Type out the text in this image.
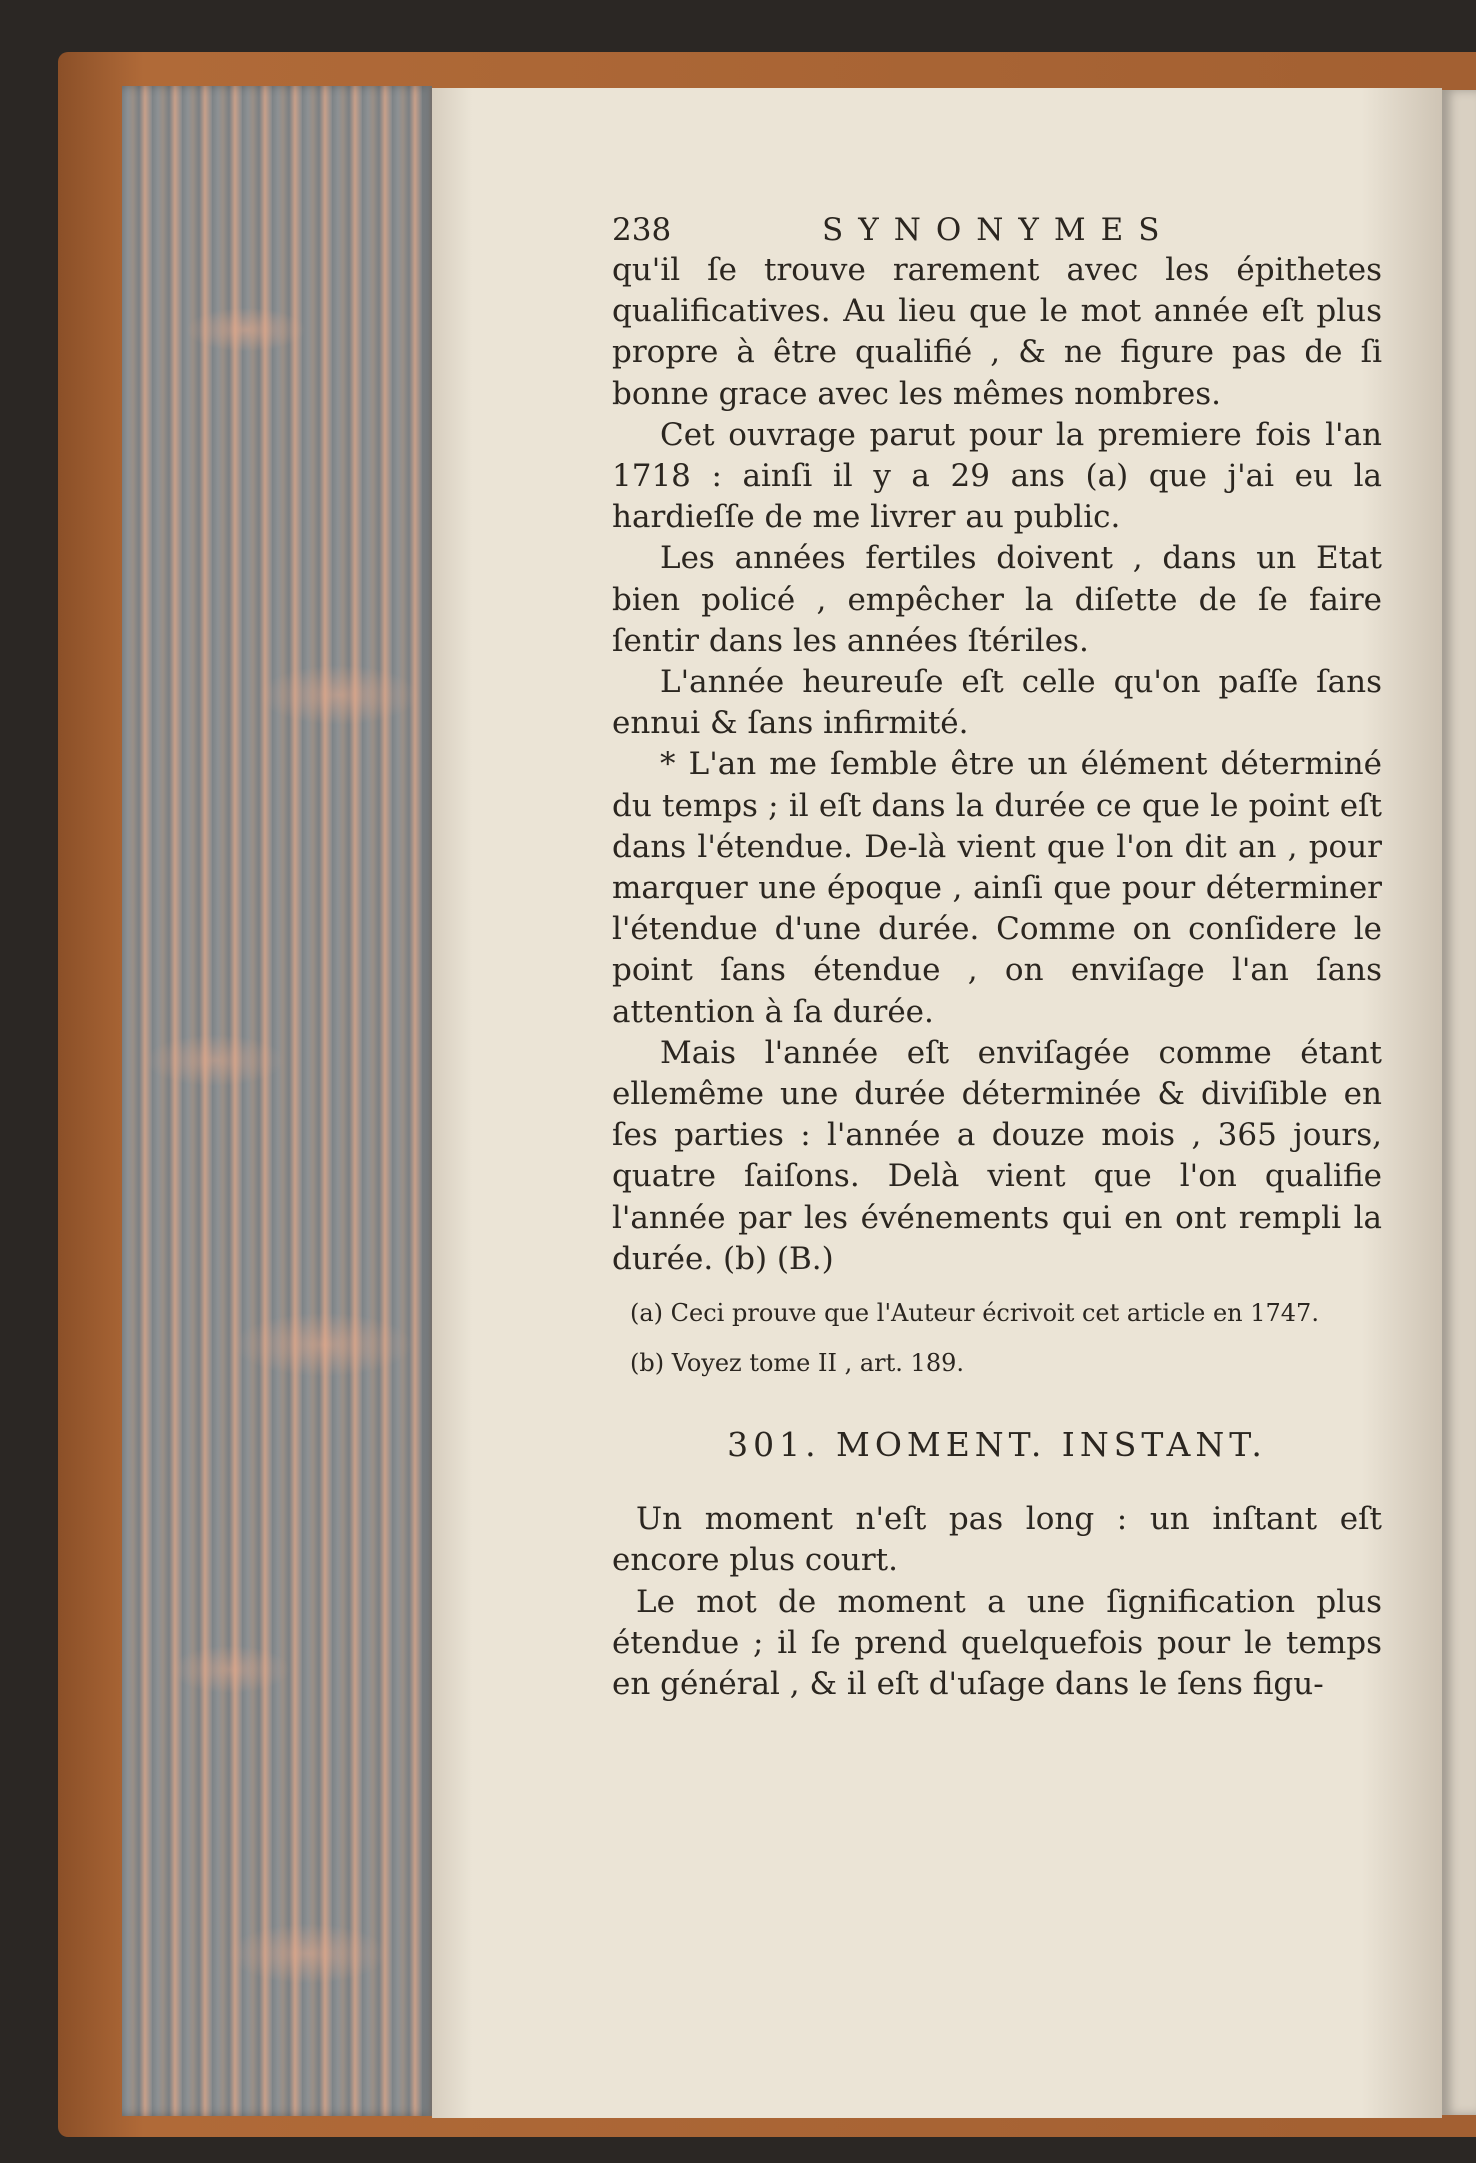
238	SYNONYMES

qu'il ſe trouve rarement avec les épithetes qualificatives. Au lieu que le mot année eſt plus propre à être qualifié , & ne figure pas de ſi bonne grace avec les mêmes nombres.

Cet ouvrage parut pour la premiere fois l'an 1718 : ainſi il y a 29 ans (a) que j'ai eu la hardieſſe de me livrer au public.

Les années fertiles doivent , dans un Etat bien policé , empêcher la diſette de ſe faire ſentir dans les années ſtériles.

L'année heureuſe eſt celle qu'on paſſe ſans ennui & ſans infirmité.

* L'an me ſemble être un élément déterminé du temps ; il eſt dans la durée ce que le point eſt dans l'étendue. De-là vient que l'on dit an , pour marquer une époque , ainſi que pour déterminer l'étendue d'une durée. Comme on conſidere le point ſans étendue , on enviſage l'an ſans attention à ſa durée.

Mais l'année eſt enviſagée comme étant ellemême une durée déterminée & diviſible en ſes parties : l'année a douze mois , 365 jours, quatre ſaiſons. Delà vient que l'on qualifie l'année par les événements qui en ont rempli la durée. (b) (B.)

(a) Ceci prouve que l'Auteur écrivoit cet article en 1747.

(b) Voyez tome II , art. 189.

301. MOMENT. INSTANT.

Un moment n'eſt pas long : un inſtant eſt encore plus court.

Le mot de moment a une ſignification plus étendue ; il ſe prend quelquefois pour le temps en général , & il eſt d'uſage dans le ſens figu-
